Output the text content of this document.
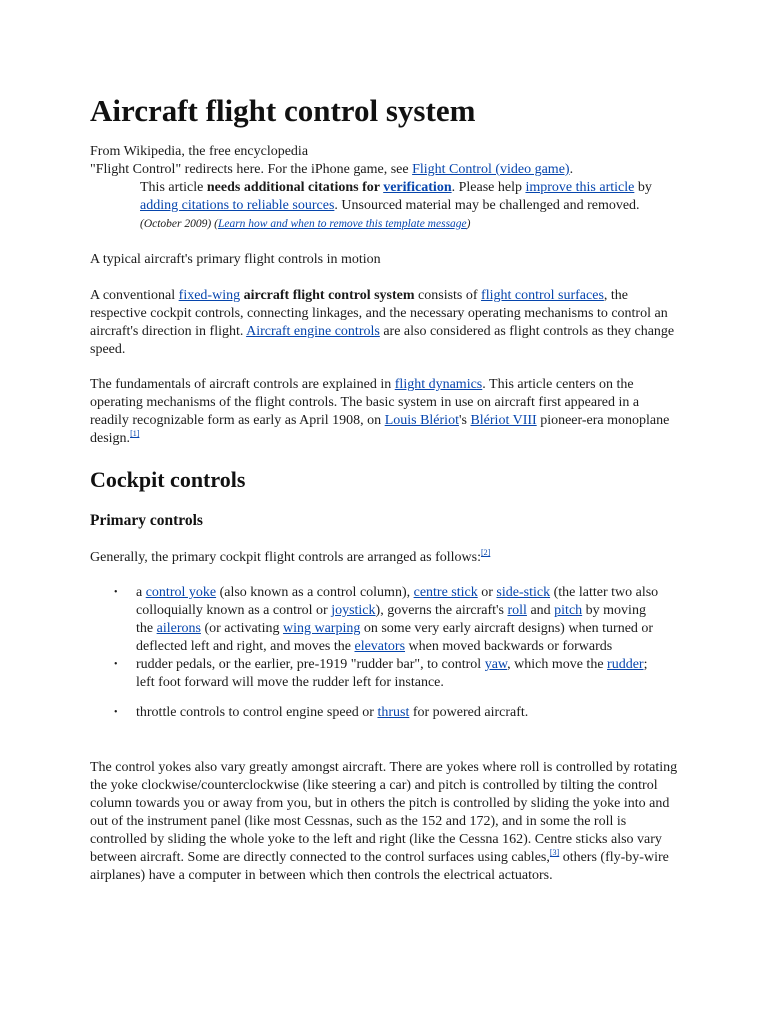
Aircraft flight control system

From Wikipedia, the free encyclopedia

"Flight Control" redirects here. For the iPhone game, see Flight Control (video game).

This article needs additional citations for verification. Please help improve this article by adding citations to reliable sources. Unsourced material may be challenged and removed. (October 2009) (Learn how and when to remove this template message)

A typical aircraft's primary flight controls in motion

A conventional fixed-wing aircraft flight control system consists of flight control surfaces, the respective cockpit controls, connecting linkages, and the necessary operating mechanisms to control an aircraft's direction in flight. Aircraft engine controls are also considered as flight controls as they change speed.

The fundamentals of aircraft controls are explained in flight dynamics. This article centers on the operating mechanisms of the flight controls. The basic system in use on aircraft first appeared in a readily recognizable form as early as April 1908, on Louis Blériot's Blériot VIII pioneer-era monoplane design.[1]

Cockpit controls
Primary controls

Generally, the primary cockpit flight controls are arranged as follows:[2]

• a control yoke (also known as a control column), centre stick or side-stick (the latter two also colloquially known as a control or joystick), governs the aircraft's roll and pitch by moving the ailerons (or activating wing warping on some very early aircraft designs) when turned or deflected left and right, and moves the elevators when moved backwards or forwards
• rudder pedals, or the earlier, pre-1919 "rudder bar", to control yaw, which move the rudder; left foot forward will move the rudder left for instance.
• throttle controls to control engine speed or thrust for powered aircraft.

The control yokes also vary greatly amongst aircraft. There are yokes where roll is controlled by rotating the yoke clockwise/counterclockwise (like steering a car) and pitch is controlled by tilting the control column towards you or away from you, but in others the pitch is controlled by sliding the yoke into and out of the instrument panel (like most Cessnas, such as the 152 and 172), and in some the roll is controlled by sliding the whole yoke to the left and right (like the Cessna 162). Centre sticks also vary between aircraft. Some are directly connected to the control surfaces using cables,[3] others (fly-by-wire airplanes) have a computer in between which then controls the electrical actuators.
